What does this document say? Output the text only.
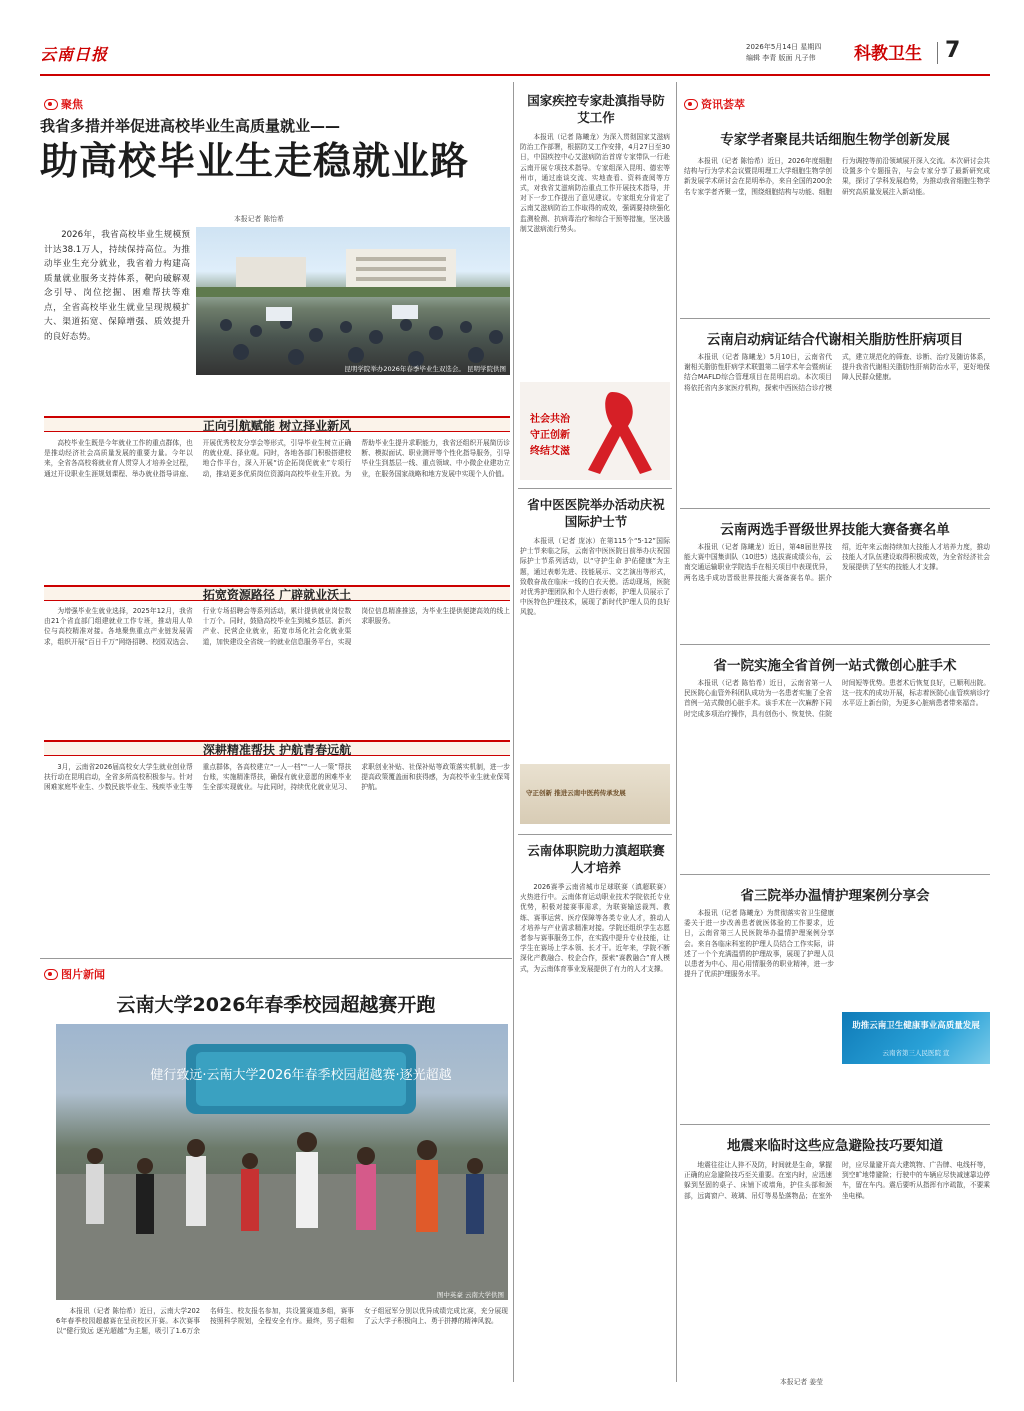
云南日报	2026年5月14日 星期四
编辑 李青 版面 凡子伟 科教卫生 7
聚焦
我省多措并举促进高校毕业生高质量就业——
助高校毕业生走稳就业路
本报记者 陈怡希
2026年，我省高校毕业生规模预计达38.1万人，持续保持高位。为推动毕业生充分就业，我省着力构建高质量就业服务支持体系，靶向破解观念引导、岗位挖掘、困难帮扶等难点，全省高校毕业生就业呈现规模扩大、渠道拓宽、保障增强、质效提升的良好态势。
昆明学院举办2026年春季毕业生双选会。 昆明学院供图
正向引航赋能 树立择业新风
高校毕业生既是今年就业工作的重点群体，也是推动经济社会高质量发展的重要力量。今年以来，全省各高校将就业育人贯穿人才培养全过程，通过开设职业生涯规划课程、举办就业指导讲座、开展优秀校友分享会等形式，引导毕业生树立正确的就业观、择业观。同时，各地各部门积极搭建校地合作平台，深入开展“访企拓岗促就业”专项行动，推动更多优质岗位资源向高校毕业生开放。为帮助毕业生提升求职能力，我省还组织开展简历诊断、模拟面试、职业测评等个性化指导服务，引导毕业生到基层一线、重点领域、中小微企业建功立业，在服务国家战略和地方发展中实现个人价值。
拓宽资源路径 广辟就业沃土
为增强毕业生就业选择，2025年12月，我省由21个省直部门组建就业工作专班，推动用人单位与高校精准对接。各地聚焦重点产业链发展需求，组织开展“百日千万”网络招聘、校园双选会、行业专场招聘会等系列活动，累计提供就业岗位数十万个。同时，鼓励高校毕业生到城乡基层、新兴产业、民营企业就业，拓宽市场化社会化就业渠道，加快建设全省统一的就业信息服务平台，实现岗位信息精准推送，为毕业生提供便捷高效的线上求职服务。
深耕精准帮扶 护航青春远航
3月，云南省2026届高校女大学生就业创业帮扶行动在昆明启动，全省多所高校积极参与。针对困难家庭毕业生、少数民族毕业生、残疾毕业生等重点群体，各高校建立“一人一档”“一人一策”帮扶台账，实施精准帮扶，确保有就业意愿的困难毕业生全部实现就业。与此同时，持续优化就业见习、求职创业补贴、社保补贴等政策落实机制，进一步提高政策覆盖面和获得感，为高校毕业生就业保驾护航。
图片新闻
云南大学2026年春季校园超越赛开跑
健行致远·云南大学2026年春季校园超越赛·逐光超越
图中英豪 云南大学供图
本报讯（记者 陈怡希）近日，云南大学2026年春季校园超越赛在呈贡校区开赛。本次赛事以“健行致远 逐光超越”为主题，吸引了1.6万余名师生、校友报名参加，共设置赛道多组，赛事按照科学规划，全程安全有序。最终，男子组和女子组冠军分别以优异成绩完成比赛，充分展现了云大学子积极向上、勇于拼搏的精神风貌。
国家疾控专家赴滇指导防艾工作
本报讯（记者 陈曦龙）为深入贯彻国家艾滋病防治工作部署，根据防艾工作安排，4月27日至30日，中国疾控中心艾滋病防治首席专家带队一行赴云南开展专项技术指导。专家组深入昆明、德宏等州市，通过座谈交流、实地查看、资料查阅等方式，对我省艾滋病防治重点工作开展技术指导，并对下一步工作提出了意见建议。专家组充分肯定了云南艾滋病防治工作取得的成效，强调要持续强化监测检测、抗病毒治疗和综合干预等措施，坚决遏制艾滋病流行势头。
社会共治
守正创新
终结艾滋
省中医医院举办活动庆祝国际护士节
本报讯（记者 庞冰）在第115个“5·12”国际护士节来临之际，云南省中医医院日前举办庆祝国际护士节系列活动，以“守护生命 护佑健康”为主题，通过表彰先进、技能展示、文艺演出等形式，致敬奋战在临床一线的白衣天使。活动现场，医院对优秀护理团队和个人进行表彰，护理人员展示了中医特色护理技术，展现了新时代护理人员的良好风貌。
守正创新 推进云南中医药传承发展
云南体职院助力滇超联赛人才培养
2026赛季云南省城市足球联赛（滇超联赛）火热进行中。云南体育运动职业技术学院依托专业优势，积极对接赛事需求，为联赛输送裁判、教练、赛事运营、医疗保障等各类专业人才，推动人才培养与产业需求精准对接。学院还组织学生志愿者参与赛事服务工作，在实践中提升专业技能，让学生在赛场上学本领、长才干。近年来，学院不断深化产教融合、校企合作，探索“赛教融合”育人模式，为云南体育事业发展提供了有力的人才支撑。
资讯荟萃
专家学者聚昆共话细胞生物学创新发展
本报讯（记者 陈怡希）近日，2026年度细胞结构与行为学术会议暨昆明理工大学细胞生物学创新发展学术研讨会在昆明举办，来自全国的200余名专家学者齐聚一堂，围绕细胞结构与功能、细胞行为调控等前沿领域展开深入交流。本次研讨会共设置多个专题报告，与会专家分享了最新研究成果，探讨了学科发展趋势，为推动我省细胞生物学研究高质量发展注入新动能。
云南启动病证结合代谢相关脂肪性肝病项目
本报讯（记者 陈曦龙）5月10日，云南省代谢相关脂肪性肝病学术联盟第二届学术年会暨病证结合MAFLD综合管理项目在昆明启动。本次项目将依托省内多家医疗机构，探索中西医结合诊疗模式，建立规范化的筛查、诊断、治疗及随访体系，提升我省代谢相关脂肪性肝病防治水平，更好地保障人民群众健康。
云南两选手晋级世界技能大赛备赛名单
本报讯（记者 陈曦龙）近日，第48届世界技能大赛中国集训队（10进5）选拔赛成绩公布，云南交通运输职业学院选手在相关项目中表现优异，两名选手成功晋级世界技能大赛备赛名单。据介绍，近年来云南持续加大技能人才培养力度，推动技能人才队伍建设取得积极成效，为全省经济社会发展提供了坚实的技能人才支撑。
省一院实施全省首例一站式微创心脏手术
本报讯（记者 陈怡希）近日，云南省第一人民医院心血管外科团队成功为一名患者实施了全省首例一站式微创心脏手术。该手术在一次麻醉下同时完成多项治疗操作，具有创伤小、恢复快、住院时间短等优势。患者术后恢复良好，已顺利出院。这一技术的成功开展，标志着医院心血管疾病诊疗水平迈上新台阶，为更多心脏病患者带来福音。
省三院举办温情护理案例分享会
本报讯（记者 陈曦龙）为贯彻落实省卫生健康委关于进一步改善患者就医体验的工作要求，近日，云南省第三人民医院举办温情护理案例分享会。来自各临床科室的护理人员结合工作实际，讲述了一个个充满温情的护理故事，展现了护理人员以患者为中心、用心用情服务的职业精神，进一步提升了优质护理服务水平。
助推云南卫生健康事业高质量发展
云南省第三人民医院 宣
地震来临时这些应急避险技巧要知道
地震往往让人猝不及防，时间就是生命，掌握正确的应急避险技巧至关重要。在室内时，应迅速躲到坚固的桌子、床铺下或墙角，护住头部和颈部，远离窗户、玻璃、吊灯等易坠落物品；在室外时，应尽量避开高大建筑物、广告牌、电线杆等，到空旷地带避险；行驶中的车辆应尽快减速靠边停车，留在车内。震后要听从指挥有序疏散，不要乘坐电梯。
本报记者 姜莹
